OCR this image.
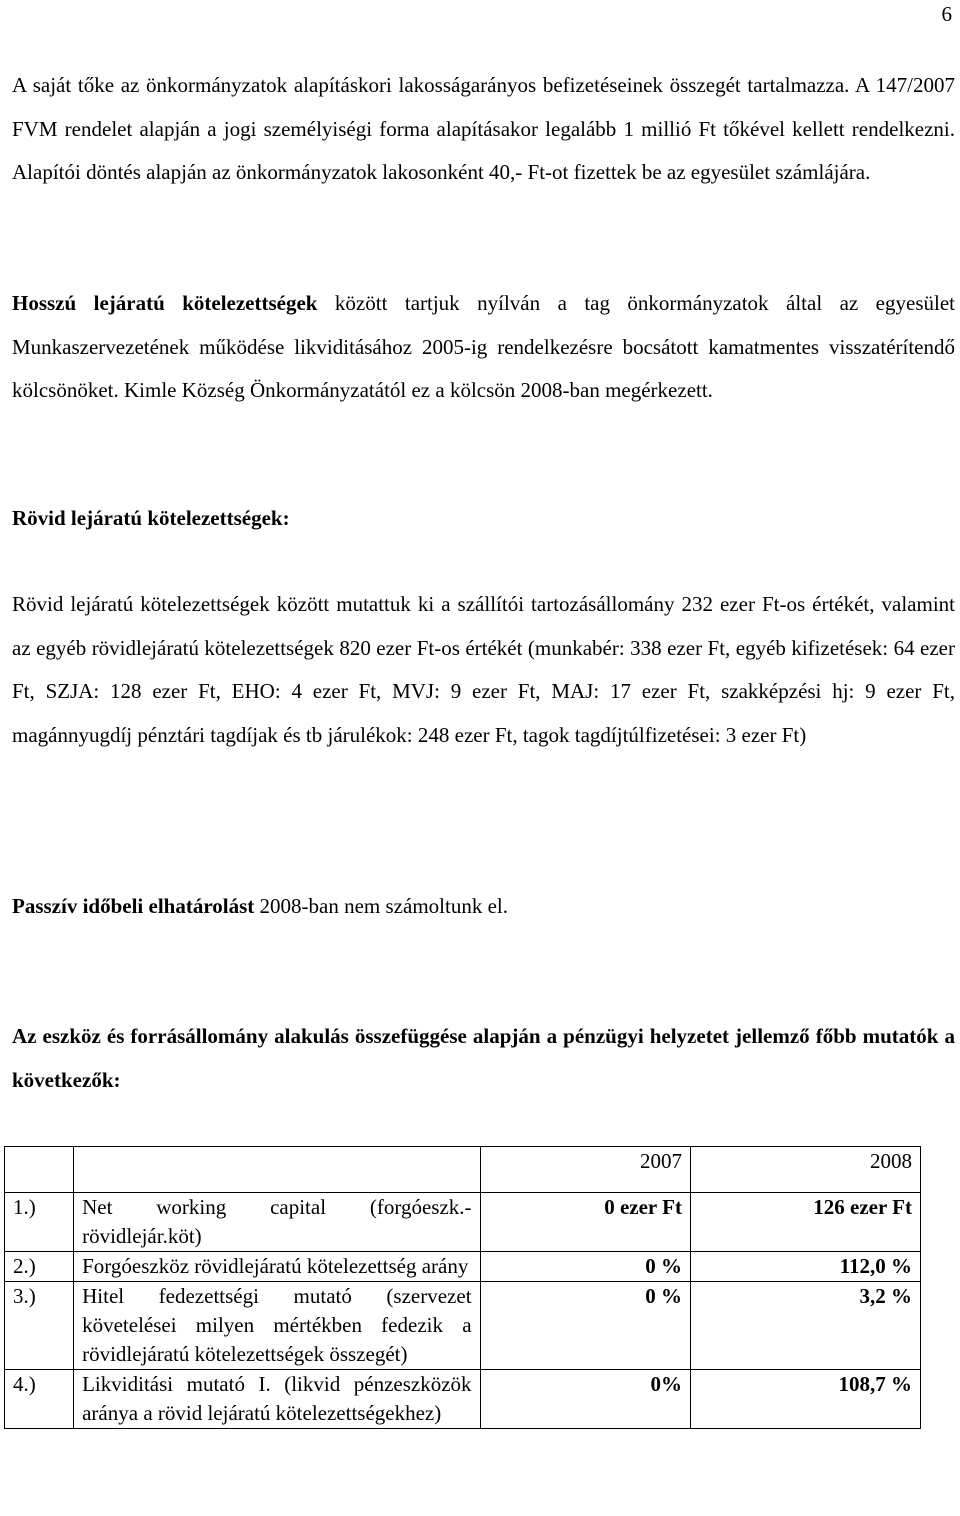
6

A saját tőke az önkormányzatok alapításkori lakosságarányos befizetéseinek összegét tartalmazza. A 147/2007 FVM rendelet alapján a jogi személyiségi forma alapításakor legalább 1 millió Ft tőkével kellett rendelkezni. Alapítói döntés alapján az önkormányzatok lakosonként 40,- Ft-ot fizettek be az egyesület számlájára.

Hosszú lejáratú kötelezettségek között tartjuk nyílván a tag önkormányzatok által az egyesület Munkaszervezetének működése likviditásához 2005-ig rendelkezésre bocsátott kamatmentes visszatérítendő kölcsönöket. Kimle Község Önkormányzatától ez a kölcsön 2008-ban megérkezett.

Rövid lejáratú kötelezettségek:

Rövid lejáratú kötelezettségek között mutattuk ki a szállítói tartozásállomány 232 ezer Ft-os értékét, valamint az egyéb rövidlejáratú kötelezettségek 820 ezer Ft-os értékét (munkabér: 338 ezer Ft, egyéb kifizetések: 64 ezer Ft, SZJA: 128 ezer Ft, EHO: 4 ezer Ft, MVJ: 9 ezer Ft, MAJ: 17 ezer Ft, szakképzési hj: 9 ezer Ft, magánnyugdíj pénztári tagdíjak és tb járulékok: 248 ezer Ft, tagok tagdíjtúlfizetései: 3 ezer Ft)

Passzív időbeli elhatárolást 2008-ban nem számoltunk el.

Az eszköz és forrásállomány alakulás összefüggése alapján a pénzügyi helyzetet jellemző főbb mutatók a következők:

		2007	2008
1.)	Net working capital (forgóeszk.-rövidlejár.köt)	0 ezer Ft	126 ezer Ft
2.)	Forgóeszköz rövidlejáratú kötelezettség arány	0 %	112,0 %
3.)	Hitel fedezettségi mutató (szervezet követelései milyen mértékben fedezik a rövidlejáratú kötelezettségek összegét)	0 %	3,2 %
4.)	Likviditási mutató I. (likvid pénzeszközök aránya a rövid lejáratú kötelezettségekhez)	0%	108,7 %
